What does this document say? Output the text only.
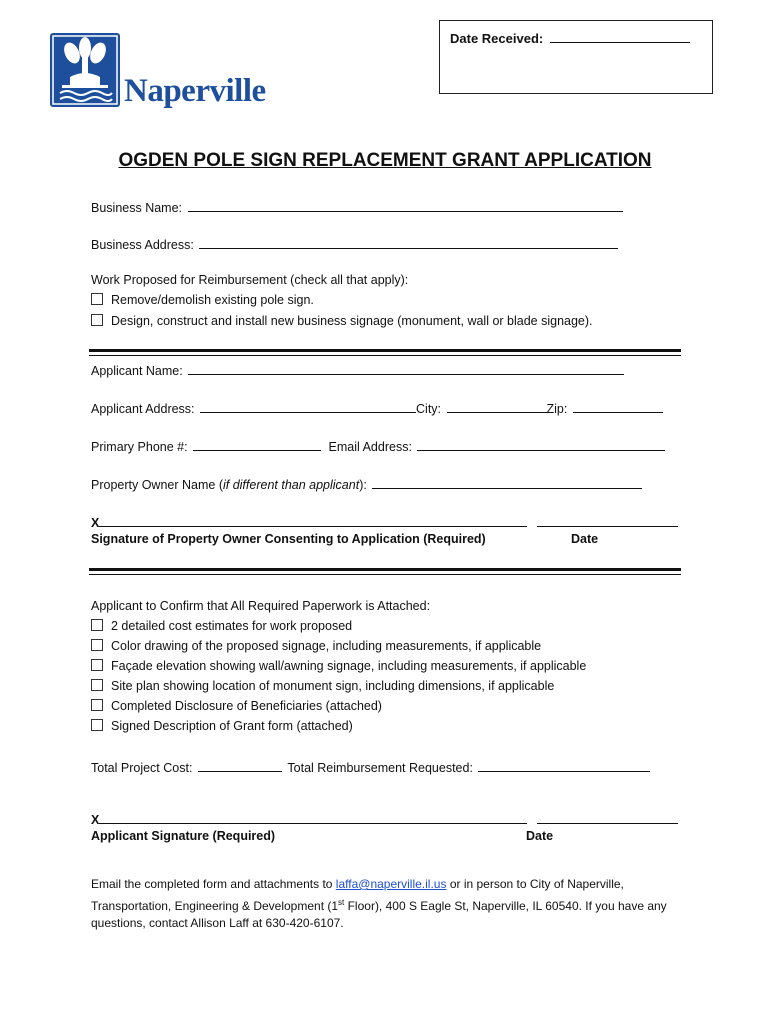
Naperville
Date Received:
OGDEN POLE SIGN REPLACEMENT GRANT APPLICATION
Business Name:
Business Address:
Work Proposed for Reimbursement (check all that apply):
Remove/demolish existing pole sign.
Design, construct and install new business signage (monument, wall or blade signage).
Applicant Name:
Applicant Address:	City:	Zip:
Primary Phone #:	Email Address:
Property Owner Name (if different than applicant):
X
Signature of Property Owner Consenting to Application (Required)	Date
Applicant to Confirm that All Required Paperwork is Attached:
2 detailed cost estimates for work proposed
Color drawing of the proposed signage, including measurements, if applicable
Façade elevation showing wall/awning signage, including measurements, if applicable
Site plan showing location of monument sign, including dimensions, if applicable
Completed Disclosure of Beneficiaries (attached)
Signed Description of Grant form (attached)
Total Project Cost:	Total Reimbursement Requested:
X
Applicant Signature (Required)	Date
Email the completed form and attachments to laffa@naperville.il.us or in person to City of Naperville, Transportation, Engineering & Development (1st Floor), 400 S Eagle St, Naperville, IL 60540. If you have any questions, contact Allison Laff at 630-420-6107.
